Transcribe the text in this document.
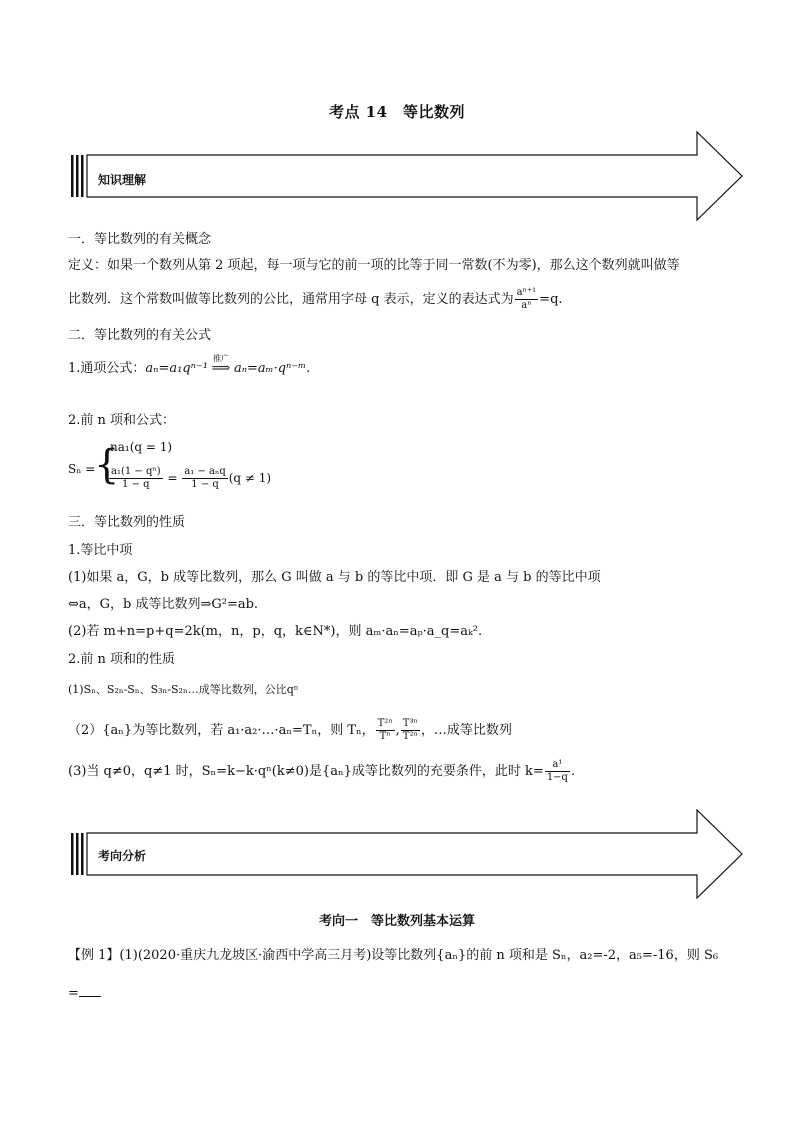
考点 14　等比数列
知识理解
一．等比数列的有关概念
定义：如果一个数列从第 2 项起，每一项与它的前一项的比等于同一常数(不为零)，那么这个数列就叫做等
比数列．这个常数叫做等比数列的公比，通常用字母 q 表示，定义的表达式为 $\frac{\text{aⁿ⁺¹}}{\text{aⁿ}} =q$.
二．等比数列的有关公式
1.通项公式：aₙ=a₁qⁿ⁻¹
推广
⟹ aₙ=aₘ·qⁿ⁻ᵐ.
2.前 n 项和公式：
Sₙ =
{
na₁(q = 1)
$\frac{\text{a₁(1 − qⁿ)}}{1 - q} = \frac{\text{a₁ − aₙq}}{1 - q} (q \ne 1)$
三．等比数列的性质
1.等比中项
(1)如果 a，G，b 成等比数列，那么 G 叫做 a 与 b 的等比中项．即 G 是 a 与 b 的等比中项
⇔a，G，b 成等比数列⇒G²=ab.
(2)若 m+n=p+q=2k(m，n，p，q，k∈N*)，则 aₘ·aₙ=aₚ·a_q=aₖ².
2.前 n 项和的性质
(1)Sₙ、S₂ₙ-Sₙ、S₃ₙ-S₂ₙ…成等比数列，公比qⁿ
（2）{aₙ}为等比数列，若 a₁·a₂·…·aₙ=Tₙ，则 Tₙ， $\frac{\text{T²ⁿ}}{\text{Tⁿ}}$ , $\frac{\text{T³ⁿ}}{\text{T²ⁿ}}$ ，…成等比数列
(3)当 q≠0，q≠1 时，Sₙ=k−k·qⁿ(k≠0)是{aₙ}成等比数列的充要条件，此时 $k= \frac{\text{a¹}}{1-q}$ .
考向分析
考向一　等比数列基本运算
【例 1】(1)(2020·重庆九龙坡区·渝西中学高三月考)设等比数列{aₙ}的前 n 项和是 Sₙ，a₂=-2，a₅=-16，则 S₆
=
